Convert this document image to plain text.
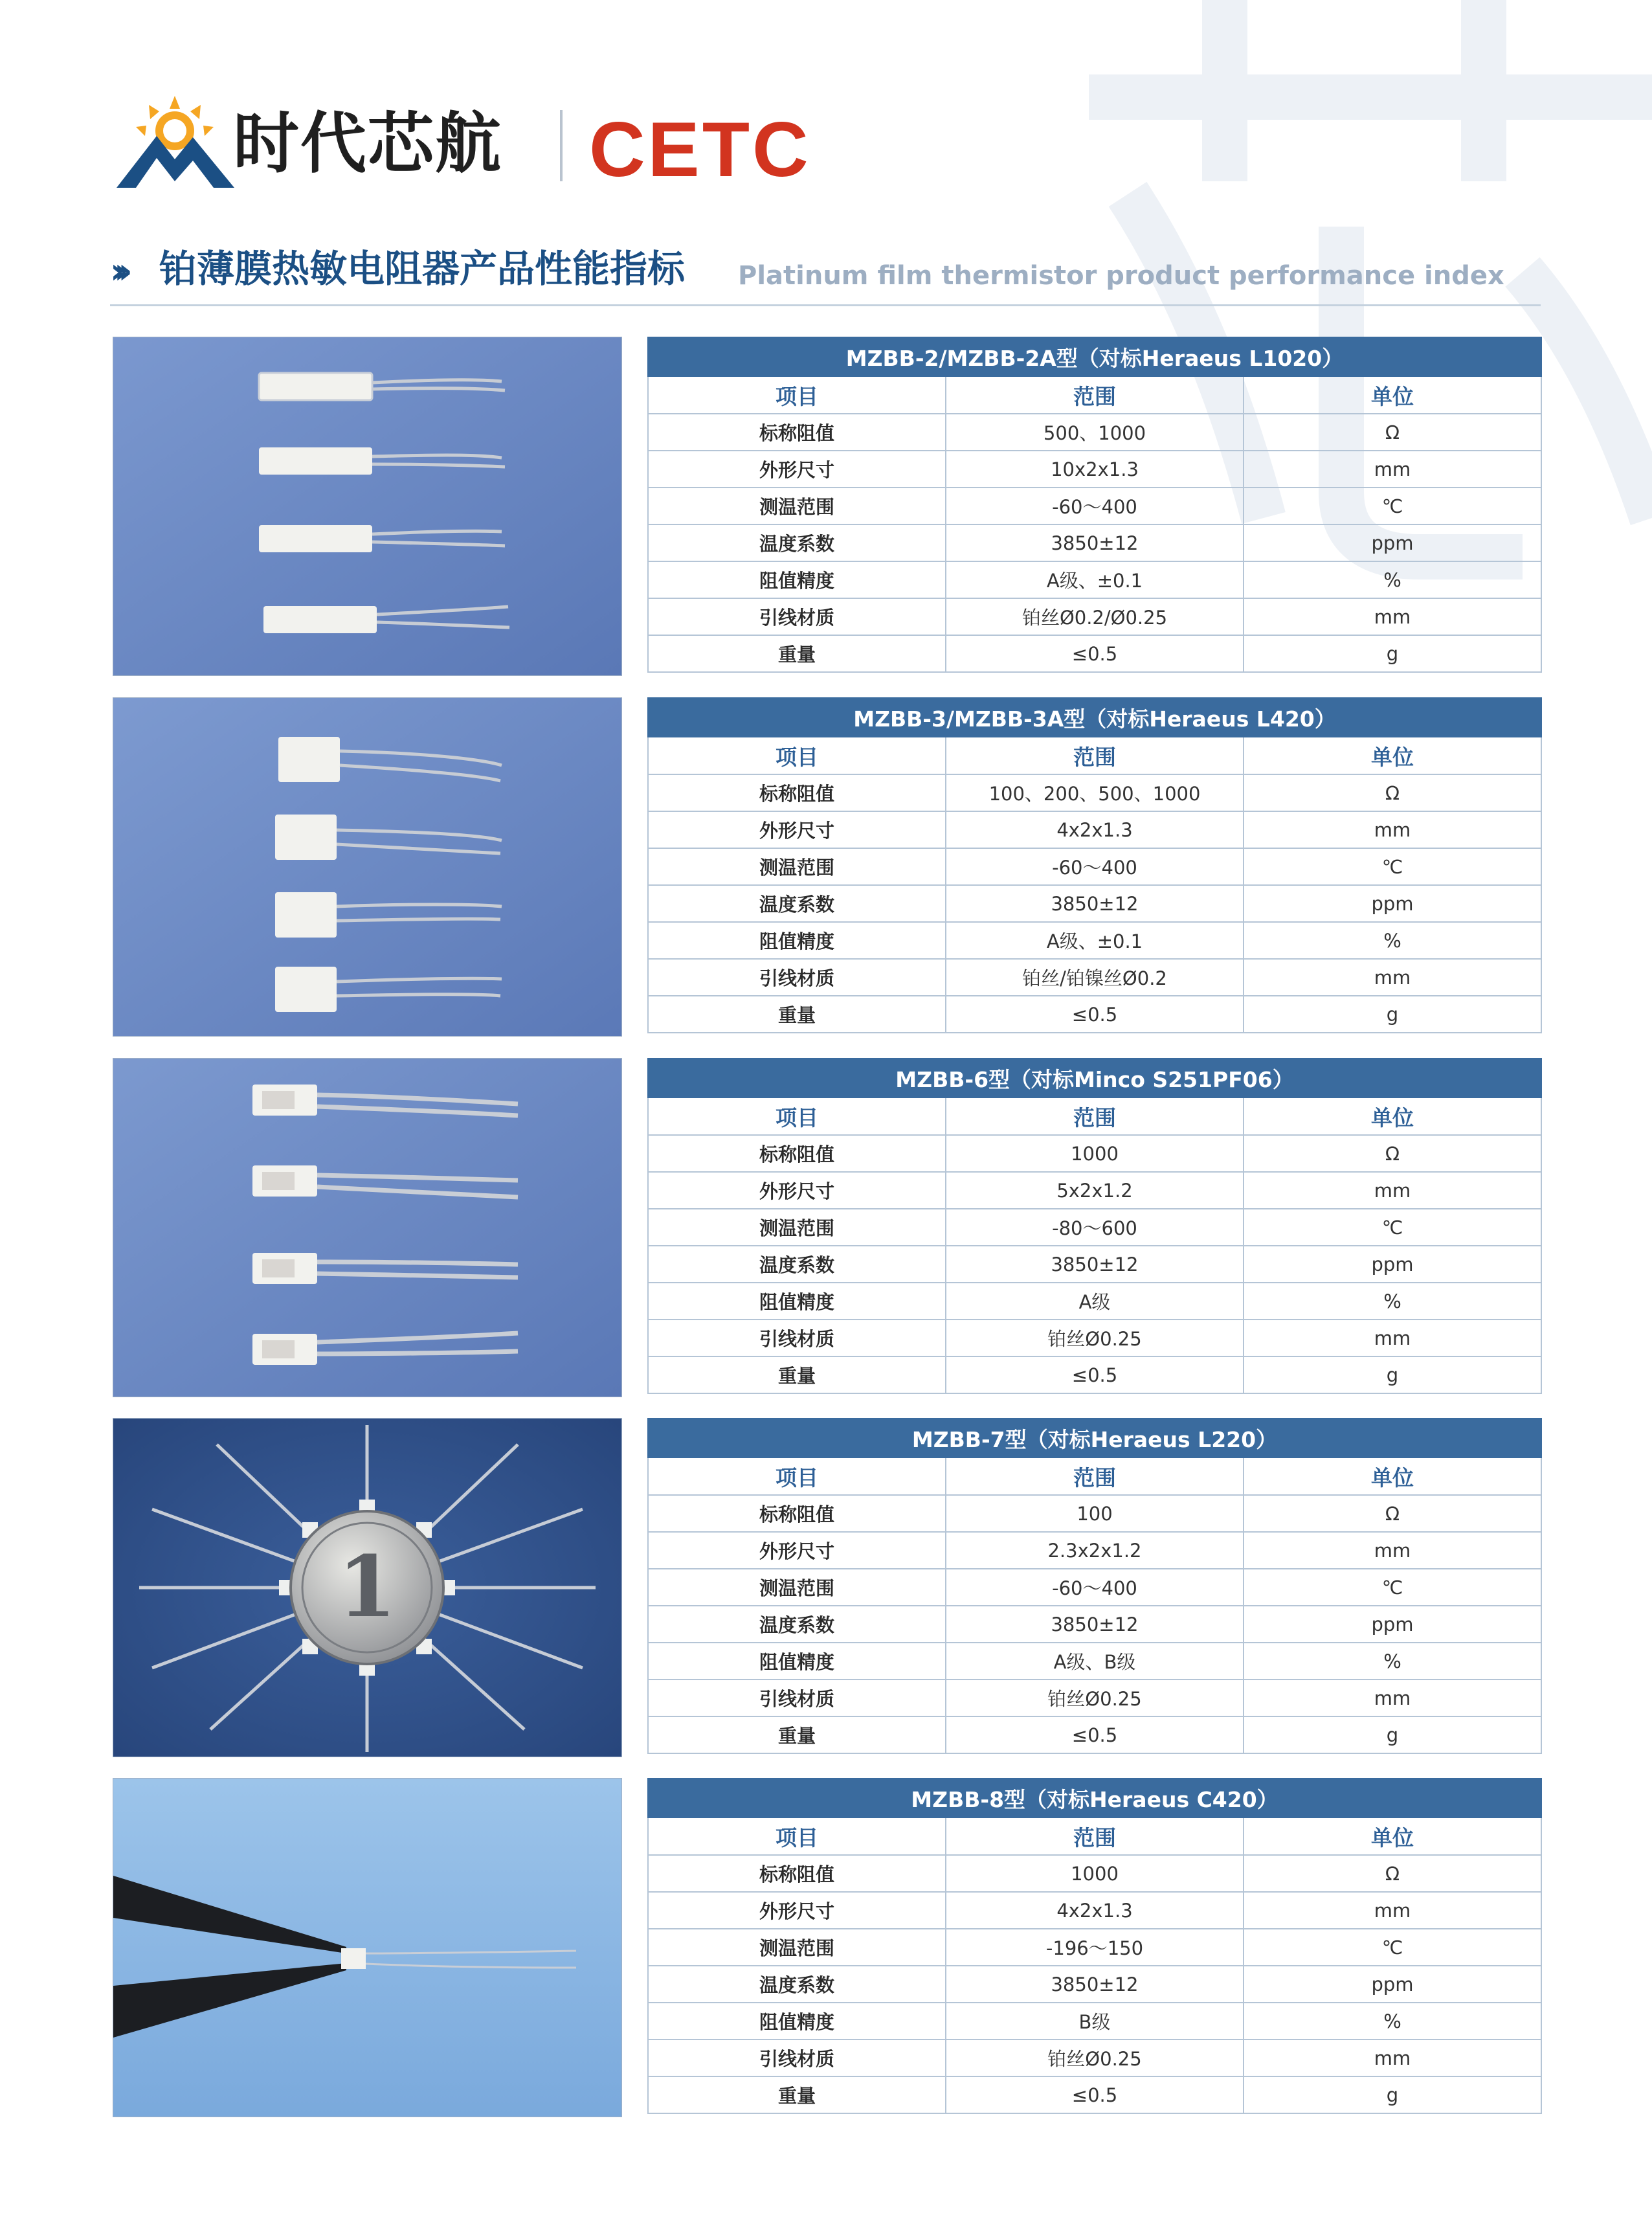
时代芯航 CETC
››› 铂薄膜热敏电阻器产品性能指标 Platinum film thermistor product performance index
MZBB-2/MZBB-2A型（对标Heraeus L1020）		
项目	范围	单位
标称阻值	500、1000	Ω
外形尺寸	10x2x1.3	mm
测温范围	-60～400	℃
温度系数	3850±12	ppm
阻值精度	A级、±0.1	%
引线材质	铂丝Ø0.2/Ø0.25	mm
重量	≤0.5	g
MZBB-3/MZBB-3A型（对标Heraeus L420）		
项目	范围	单位
标称阻值	100、200、500、1000	Ω
外形尺寸	4x2x1.3	mm
测温范围	-60～400	℃
温度系数	3850±12	ppm
阻值精度	A级、±0.1	%
引线材质	铂丝/铂镍丝Ø0.2	mm
重量	≤0.5	g
MZBB-6型（对标Minco S251PF06）		
项目	范围	单位
标称阻值	1000	Ω
外形尺寸	5x2x1.2	mm
测温范围	-80～600	℃
温度系数	3850±12	ppm
阻值精度	A级	%
引线材质	铂丝Ø0.25	mm
重量	≤0.5	g
1
MZBB-7型（对标Heraeus L220）		
项目	范围	单位
标称阻值	100	Ω
外形尺寸	2.3x2x1.2	mm
测温范围	-60～400	℃
温度系数	3850±12	ppm
阻值精度	A级、B级	%
引线材质	铂丝Ø0.25	mm
重量	≤0.5	g
MZBB-8型（对标Heraeus C420）		
项目	范围	单位
标称阻值	1000	Ω
外形尺寸	4x2x1.3	mm
测温范围	-196～150	℃
温度系数	3850±12	ppm
阻值精度	B级	%
引线材质	铂丝Ø0.25	mm
重量	≤0.5	g
